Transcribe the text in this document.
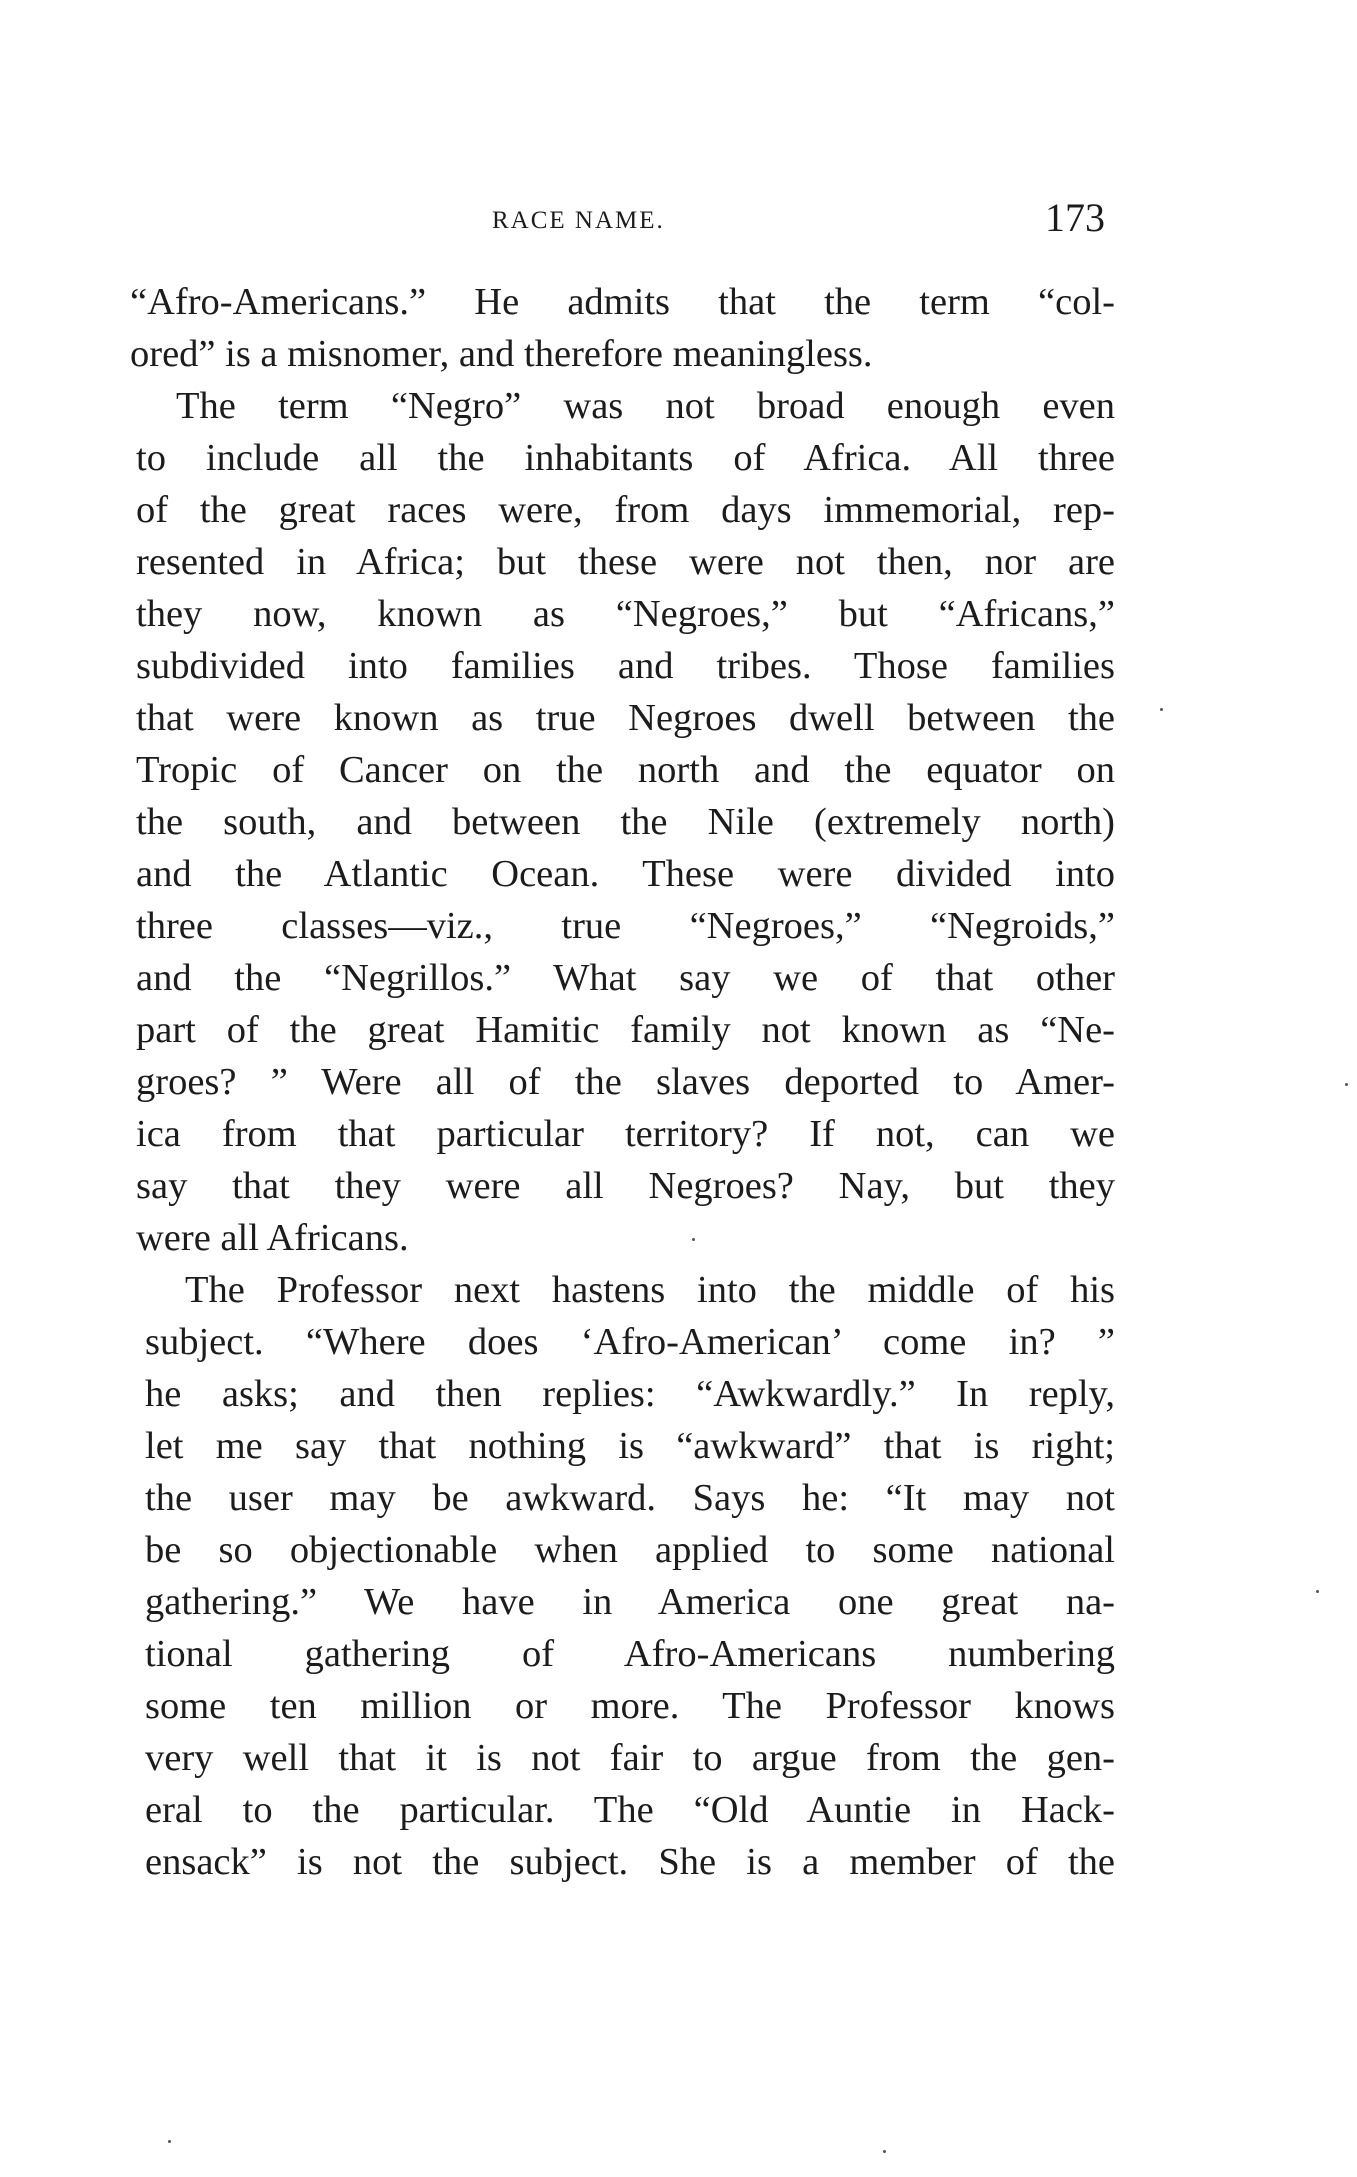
RACE NAME.	173
“Afro-Americans.” He admits that the term “col-
ored” is a misnomer, and therefore meaningless.
The term “Negro” was not broad enough even
to include all the inhabitants of Africa. All three
of the great races were, from days immemorial, rep-
resented in Africa; but these were not then, nor are
they now, known as “Negroes,” but “Africans,”
subdivided into families and tribes. Those families
that were known as true Negroes dwell between the
Tropic of Cancer on the north and the equator on
the south, and between the Nile (extremely north)
and the Atlantic Ocean. These were divided into
three classes—viz., true “Negroes,” “Negroids,”
and the “Negrillos.” What say we of that other
part of the great Hamitic family not known as “Ne-
groes? ” Were all of the slaves deported to Amer-
ica from that particular territory? If not, can we
say that they were all Negroes? Nay, but they
were all Africans.
The Professor next hastens into the middle of his
subject. “Where does ‘Afro-American’ come in? ”
he asks; and then replies: “Awkwardly.” In reply,
let me say that nothing is “awkward” that is right;
the user may be awkward. Says he: “It may not
be so objectionable when applied to some national
gathering.” We have in America one great na-
tional gathering of Afro-Americans numbering
some ten million or more. The Professor knows
very well that it is not fair to argue from the gen-
eral to the particular. The “Old Auntie in Hack-
ensack” is not the subject. She is a member of the
